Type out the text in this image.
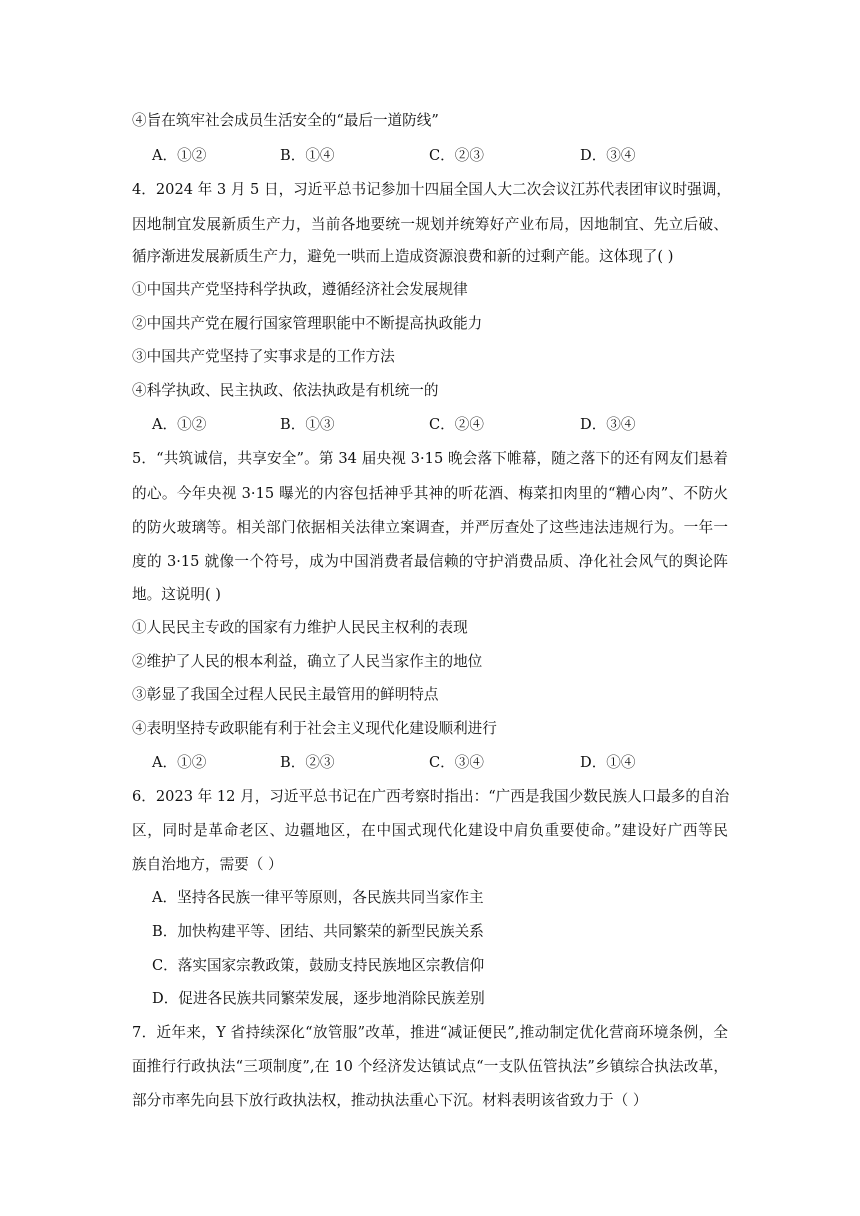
④旨在筑牢社会成员生活安全的“最后一道防线”
A．①②	B．①④	C．②③	D．③④
4．2024 年 3 月 5 日，习近平总书记参加十四届全国人大二次会议江苏代表团审议时强调，
因地制宜发展新质生产力，当前各地要统一规划并统筹好产业布局，因地制宜、先立后破、
循序渐进发展新质生产力，避免一哄而上造成资源浪费和新的过剩产能。这体现了( )
①中国共产党坚持科学执政，遵循经济社会发展规律
②中国共产党在履行国家管理职能中不断提高执政能力
③中国共产党坚持了实事求是的工作方法
④科学执政、民主执政、依法执政是有机统一的
A．①②	B．①③	C．②④	D．③④
5．“共筑诚信，共享安全”。第 34 届央视 3·15 晚会落下帷幕，随之落下的还有网友们悬着
的心。今年央视 3·15 曝光的内容包括神乎其神的听花酒、梅菜扣肉里的“糟心肉”、不防火
的防火玻璃等。相关部门依据相关法律立案调查，并严厉查处了这些违法违规行为。一年一
度的 3·15 就像一个符号，成为中国消费者最信赖的守护消费品质、净化社会风气的舆论阵
地。这说明( )
①人民民主专政的国家有力维护人民民主权利的表现
②维护了人民的根本利益，确立了人民当家作主的地位
③彰显了我国全过程人民民主最管用的鲜明特点
④表明坚持专政职能有利于社会主义现代化建设顺利进行
A．①②	B．②③	C．③④	D．①④
6．2023 年 12 月，习近平总书记在广西考察时指出：“广西是我国少数民族人口最多的自治
区，同时是革命老区、边疆地区，在中国式现代化建设中肩负重要使命。”建设好广西等民
族自治地方，需要（ ）
A．坚持各民族一律平等原则，各民族共同当家作主
B．加快构建平等、团结、共同繁荣的新型民族关系
C．落实国家宗教政策，鼓励支持民族地区宗教信仰
D．促进各民族共同繁荣发展，逐步地消除民族差别
7．近年来，Y 省持续深化“放管服”改革，推进“减证便民”,推动制定优化营商环境条例，全
面推行行政执法“三项制度”,在 10 个经济发达镇试点“一支队伍管执法”乡镇综合执法改革，
部分市率先向县下放行政执法权，推动执法重心下沉。材料表明该省致力于（ ）
